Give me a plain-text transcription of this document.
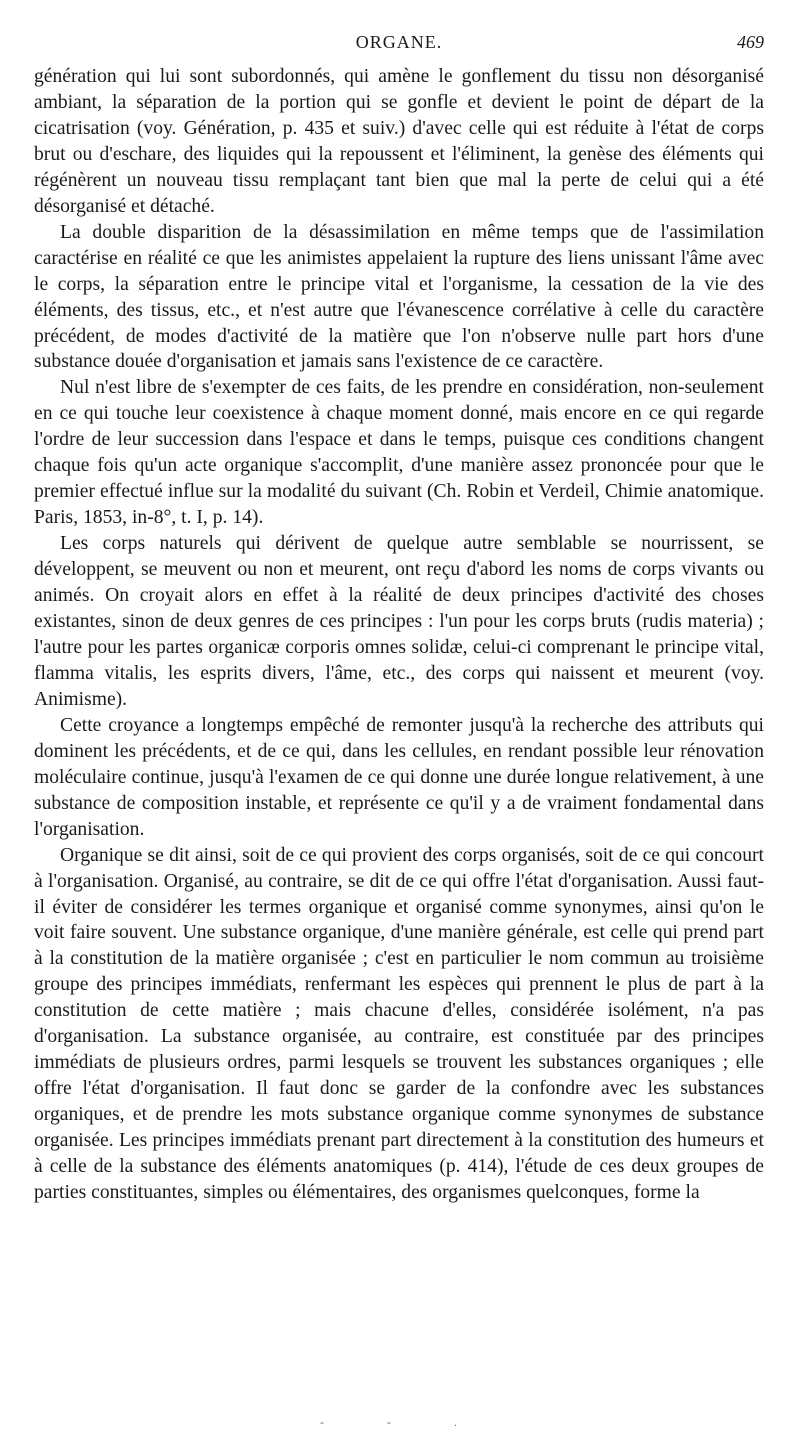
ORGANE.	469

génération qui lui sont subordonnés, qui amène le gonflement du tissu non désorganisé ambiant, la séparation de la portion qui se gonfle et devient le point de départ de la cicatrisation (voy. Génération, p. 435 et suiv.) d'avec celle qui est réduite à l'état de corps brut ou d'eschare, des liquides qui la repoussent et l'éliminent, la genèse des éléments qui régénèrent un nouveau tissu remplaçant tant bien que mal la perte de celui qui a été désorganisé et détaché.

La double disparition de la désassimilation en même temps que de l'assimilation caractérise en réalité ce que les animistes appelaient la rupture des liens unissant l'âme avec le corps, la séparation entre le principe vital et l'organisme, la cessation de la vie des éléments, des tissus, etc., et n'est autre que l'évanescence corrélative à celle du caractère précédent, de modes d'activité de la matière que l'on n'observe nulle part hors d'une substance douée d'organisation et jamais sans l'existence de ce caractère.

Nul n'est libre de s'exempter de ces faits, de les prendre en considération, non-seulement en ce qui touche leur coexistence à chaque moment donné, mais encore en ce qui regarde l'ordre de leur succession dans l'espace et dans le temps, puisque ces conditions changent chaque fois qu'un acte organique s'accomplit, d'une manière assez prononcée pour que le premier effectué influe sur la modalité du suivant (Ch. Robin et Verdeil, Chimie anatomique. Paris, 1853, in-8°, t. I, p. 14).

Les corps naturels qui dérivent de quelque autre semblable se nourrissent, se développent, se meuvent ou non et meurent, ont reçu d'abord les noms de corps vivants ou animés. On croyait alors en effet à la réalité de deux principes d'activité des choses existantes, sinon de deux genres de ces principes : l'un pour les corps bruts (rudis materia) ; l'autre pour les partes organicæ corporis omnes solidæ, celui-ci comprenant le principe vital, flamma vitalis, les esprits divers, l'âme, etc., des corps qui naissent et meurent (voy. Animisme).

Cette croyance a longtemps empêché de remonter jusqu'à la recherche des attributs qui dominent les précédents, et de ce qui, dans les cellules, en rendant possible leur rénovation moléculaire continue, jusqu'à l'examen de ce qui donne une durée longue relativement, à une substance de composition instable, et représente ce qu'il y a de vraiment fondamental dans l'organisation.

Organique se dit ainsi, soit de ce qui provient des corps organisés, soit de ce qui concourt à l'organisation. Organisé, au contraire, se dit de ce qui offre l'état d'organisation. Aussi faut-il éviter de considérer les termes organique et organisé comme synonymes, ainsi qu'on le voit faire souvent. Une substance organique, d'une manière générale, est celle qui prend part à la constitution de la matière organisée ; c'est en particulier le nom commun au troisième groupe des principes immédiats, renfermant les espèces qui prennent le plus de part à la constitution de cette matière ; mais chacune d'elles, considérée isolément, n'a pas d'organisation. La substance organisée, au contraire, est constituée par des principes immédiats de plusieurs ordres, parmi lesquels se trouvent les substances organiques ; elle offre l'état d'organisation. Il faut donc se garder de la confondre avec les substances organiques, et de prendre les mots substance organique comme synonymes de substance organisée. Les principes immédiats prenant part directement à la constitution des humeurs et à celle de la substance des éléments anatomiques (p. 414), l'étude de ces deux groupes de parties constituantes, simples ou élémentaires, des organismes quelconques, forme la

- - .
